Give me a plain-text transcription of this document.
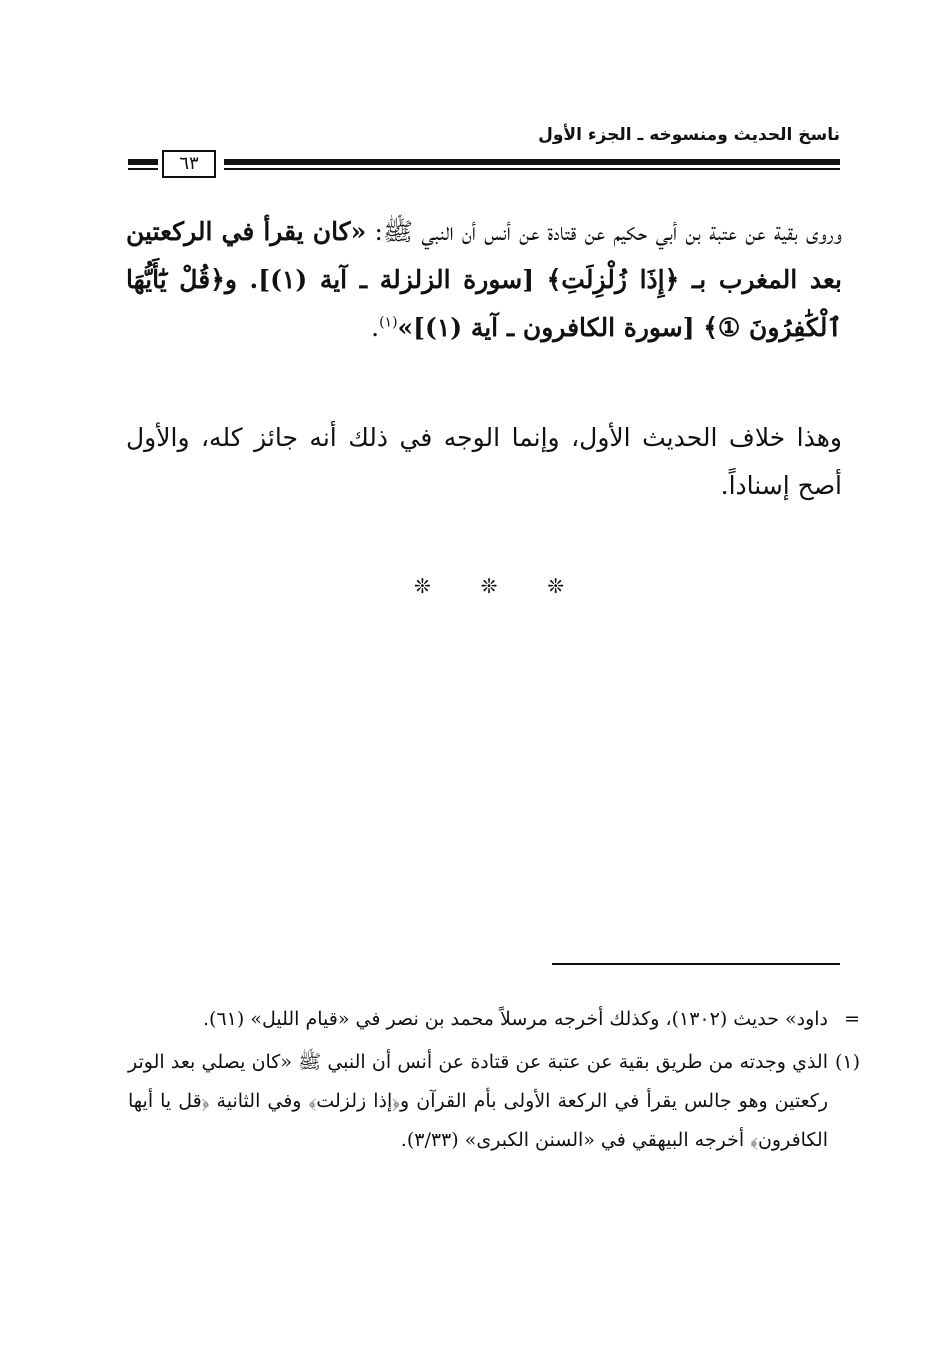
ناسخ الحديث ومنسوخه ـ الجزء الأول
٦٣
وروى بقية عن عتبة بن أبي حكيم عن قتادة عن أنس أن النبي ﷺ: «كان يقرأ في الركعتين بعد المغرب بـ ﴿إِذَا زُلْزِلَتِ﴾ [سورة الزلزلة ـ آية (١)]. و﴿قُلْ يَٰٓأَيُّهَا ٱلْكَٰفِرُونَ ①﴾ [سورة الكافرون ـ آية (١)]»$^{(١)}$.
وهذا خلاف الحديث الأول، وإنما الوجه في ذلك أنه جائز كله، والأول أصح إسناداً.
❊ ❊ ❊
=
داود» حديث (١٣٠٢)، وكذلك أخرجه مرسلاً محمد بن نصر في «قيام الليل» (٦١).
(١)
الذي وجدته من طريق بقية عن عتبة عن قتادة عن أنس أن النبي ﷺ «كان يصلي بعد الوتر ركعتين وهو جالس يقرأ في الركعة الأولى بأم القرآن و﴿إذا زلزلت﴾ وفي الثانية ﴿قل يا أيها الكافرون﴾ أخرجه البيهقي في «السنن الكبرى» (٣/٣٣).
